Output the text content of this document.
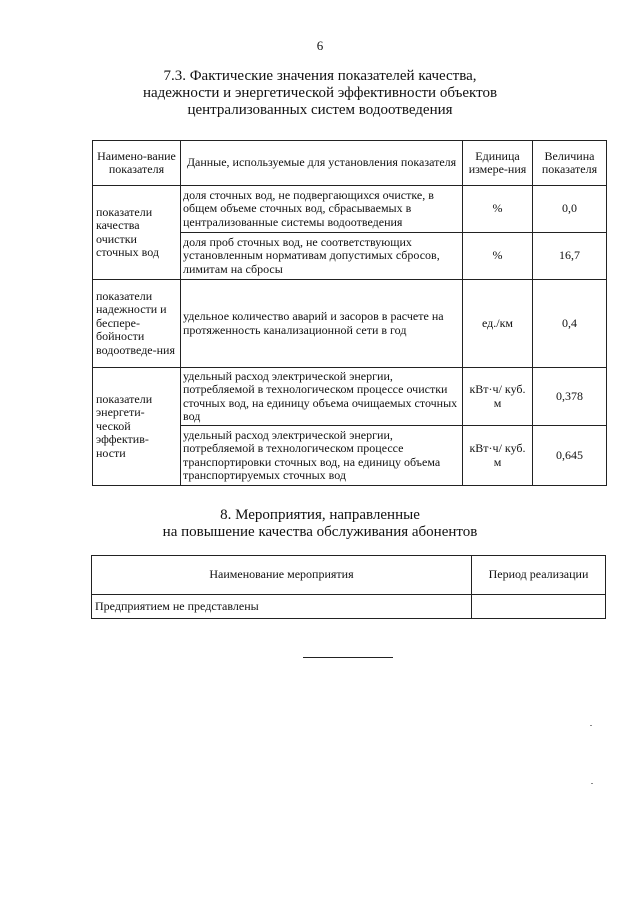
6
7.3. Фактические значения показателей качества,
надежности и энергетической эффективности объектов
централизованных систем водоотведения
Наимено-вание показателя	Данные, используемые для установления показателя	Единица измере-ния	Величина показателя
показатели качества очистки сточных вод	доля сточных вод, не подвергающихся очистке, в общем объеме сточных вод, сбрасываемых в централизованные системы водоотведения	%	0,0
	доля проб сточных вод, не соответствующих установленным нормативам допустимых сбросов, лимитам на сбросы	%	16,7
показатели надежности и беспере-бойности водоотведе-ния	удельное количество аварий и засоров в расчете на протяженность канализационной сети в год	ед./км	0,4
показатели энергети-ческой эффектив-ности	удельный расход электрической энергии, потребляемой в технологическом процессе очистки сточных вод, на единицу объема очищаемых сточных вод	кВт·ч/ куб. м	0,378
	удельный расход электрической энергии, потребляемой в технологическом процессе транспортировки сточных вод, на единицу объема транспортируемых сточных вод	кВт·ч/ куб. м	0,645
8. Мероприятия, направленные
на повышение качества обслуживания абонентов
Наименование мероприятия	Период реализации
Предприятием не представлены	
